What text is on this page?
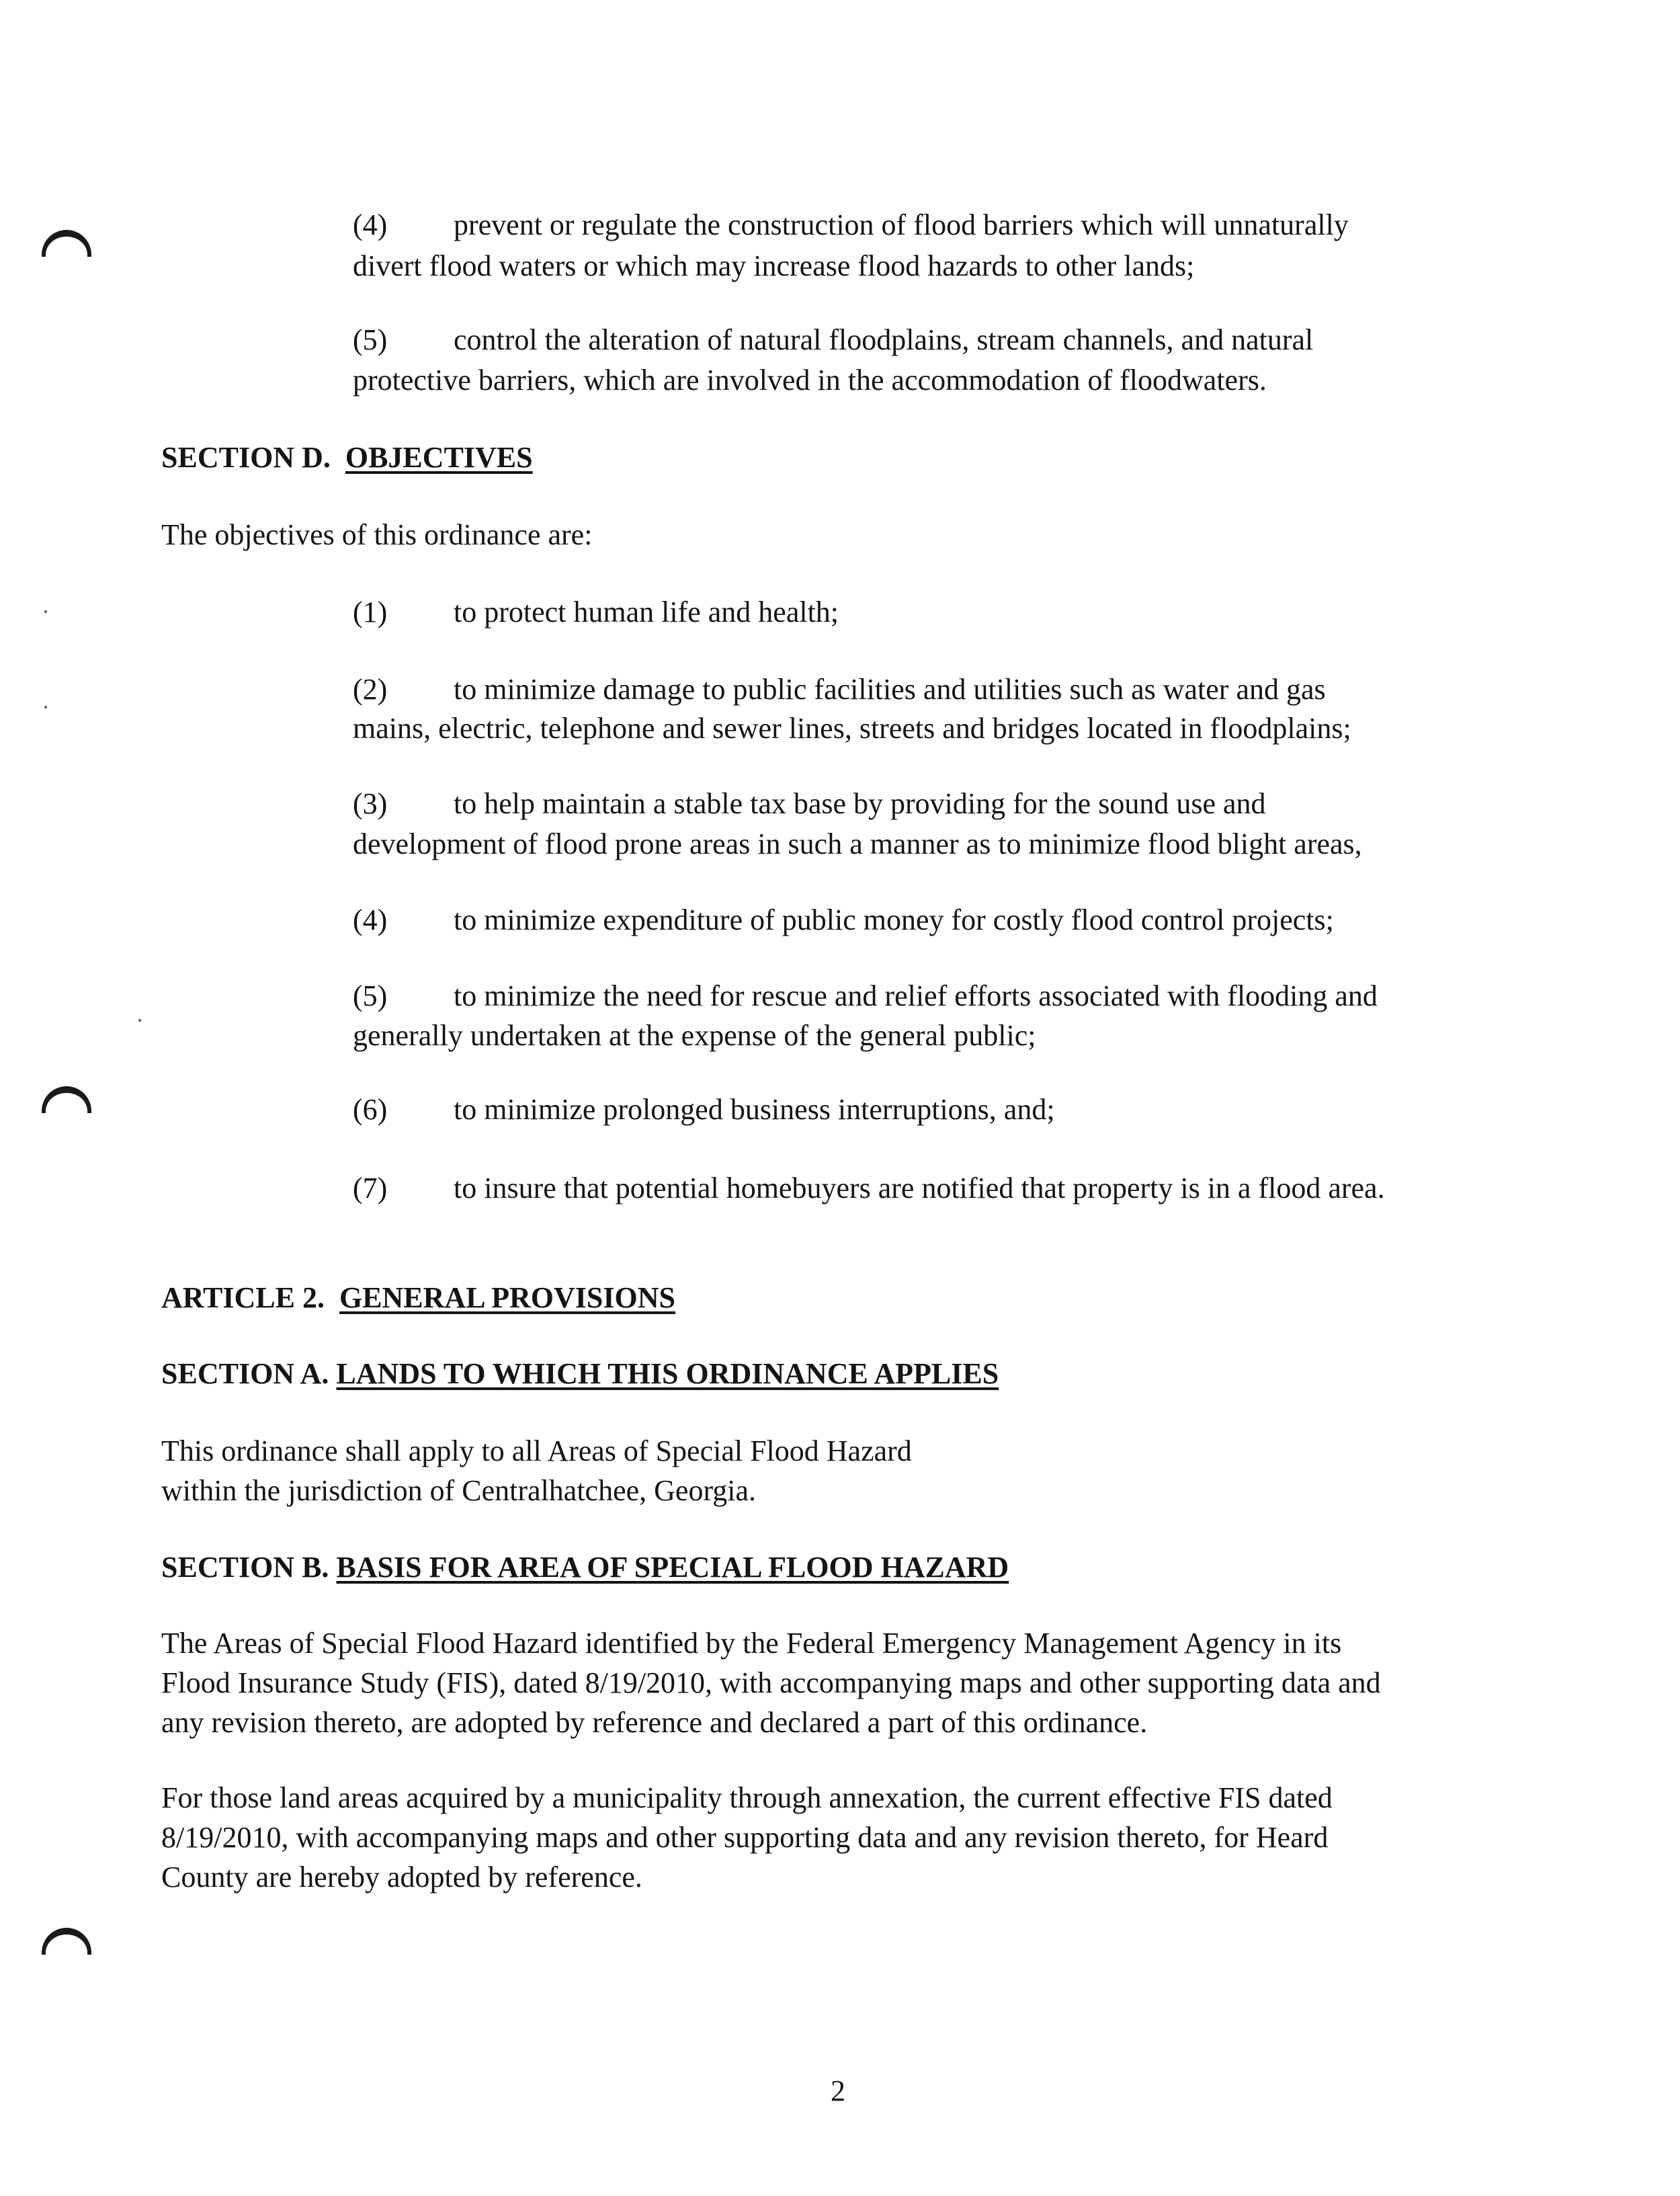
(4) prevent or regulate the construction of flood barriers which will unnaturally

divert flood waters or which may increase flood hazards to other lands;

(5) control the alteration of natural floodplains, stream channels, and natural

protective barriers, which are involved in the accommodation of floodwaters.

SECTION D. OBJECTIVES

The objectives of this ordinance are:

(1) to protect human life and health;

(2) to minimize damage to public facilities and utilities such as water and gas

mains, electric, telephone and sewer lines, streets and bridges located in floodplains;

(3) to help maintain a stable tax base by providing for the sound use and

development of flood prone areas in such a manner as to minimize flood blight areas,

(4) to minimize expenditure of public money for costly flood control projects;

(5) to minimize the need for rescue and relief efforts associated with flooding and

generally undertaken at the expense of the general public;

(6) to minimize prolonged business interruptions, and;

(7) to insure that potential homebuyers are notified that property is in a flood area.

ARTICLE 2. GENERAL PROVISIONS

SECTION A. LANDS TO WHICH THIS ORDINANCE APPLIES

This ordinance shall apply to all Areas of Special Flood Hazard

within the jurisdiction of Centralhatchee, Georgia.

SECTION B. BASIS FOR AREA OF SPECIAL FLOOD HAZARD

The Areas of Special Flood Hazard identified by the Federal Emergency Management Agency in its

Flood Insurance Study (FIS), dated 8/19/2010, with accompanying maps and other supporting data and

any revision thereto, are adopted by reference and declared a part of this ordinance.

For those land areas acquired by a municipality through annexation, the current effective FIS dated

8/19/2010, with accompanying maps and other supporting data and any revision thereto, for Heard

County are hereby adopted by reference.

2
